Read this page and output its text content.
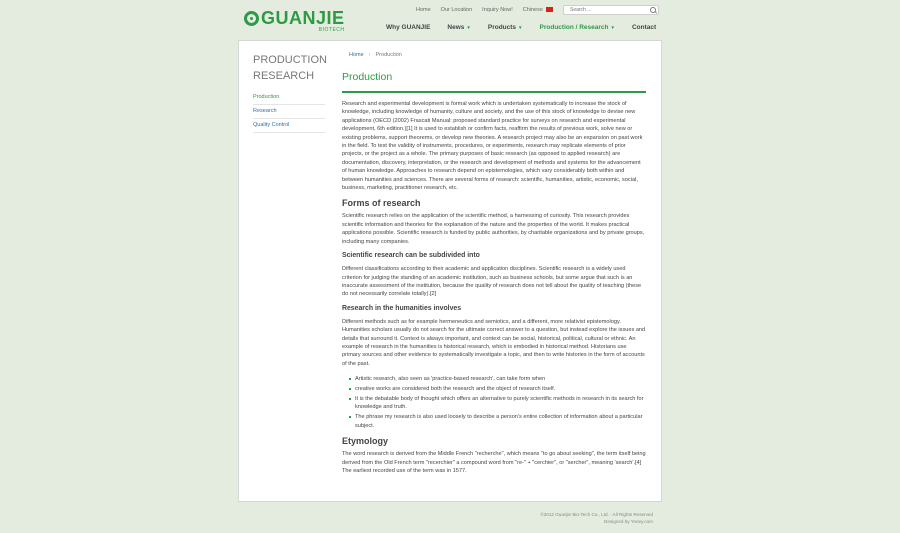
GUANJIE
BIOTECH
Home Our Location Inquiry Now! Chinese
Search ...
Why GUANJIE	News ▼	Products ▼	Production / Research ▼	Contact
PRODUCTION
RESEARCH
Production
Research
Quality Control
Home › Production
Production

Research and experimental development is formal work which is undertaken systematically to increase the stock of knowledge, including knowledge of humanity, culture and society, and the use of this stock of knowledge to devise new applications (OECD (2002) Frascati Manual: proposed standard practice for surveys on research and experimental development, 6th edition.)[1] It is used to establish or confirm facts, reaffirm the results of previous work, solve new or existing problems, support theorems, or develop new theories. A research project may also be an expansion on past work in the field. To test the validity of instruments, procedures, or experiments, research may replicate elements of prior projects, or the project as a whole. The primary purposes of basic research (as opposed to applied research) are documentation, discovery, interpretation, or the research and development of methods and systems for the advancement of human knowledge. Approaches to research depend on epistemologies, which vary considerably both within and between humanities and sciences. There are several forms of research: scientific, humanities, artistic, economic, social, business, marketing, practitioner research, etc.

Forms of research

Scientific research relies on the application of the scientific method, a harnessing of curiosity. This research provides scientific information and theories for the explanation of the nature and the properties of the world. It makes practical applications possible. Scientific research is funded by public authorities, by charitable organizations and by private groups, including many companies.

Scientific research can be subdivided into

Different classifications according to their academic and application disciplines. Scientific research is a widely used criterion for judging the standing of an academic institution, such as business schools, but some argue that such is an inaccurate assessment of the institution, because the quality of research does not tell about the quality of teaching (these do not necessarily correlate totally).[2]

Research in the humanities involves

Different methods such as for example hermeneutics and semiotics, and a different, more relativist epistemology. Humanities scholars usually do not search for the ultimate correct answer to a question, but instead explore the issues and details that surround it. Context is always important, and context can be social, historical, political, cultural or ethnic. An example of research in the humanities is historical research, which is embodied in historical method. Historians use primary sources and other evidence to systematically investigate a topic, and then to write histories in the form of accounts of the past.

Artistic research, also seen as 'practice-based research', can take form when
creative works are considered both the research and the object of research itself.
It is the debatable body of thought which offers an alternative to purely scientific methods in research in its search for knowledge and truth.
The phrase my research is also used loosely to describe a person's entire collection of information about a particular subject.
Etymology

The word research is derived from the Middle French "recherche", which means "to go about seeking", the term itself being derived from the Old French term "recerchier" a compound word from "re-" + "cerchier", or "sercher", meaning 'search'.[4] The earliest recorded use of the term was in 1577.

©2012 Guanjie Bio-Tech Co., Ltd. - All Rights Reserved
Designed by Yoney.com
